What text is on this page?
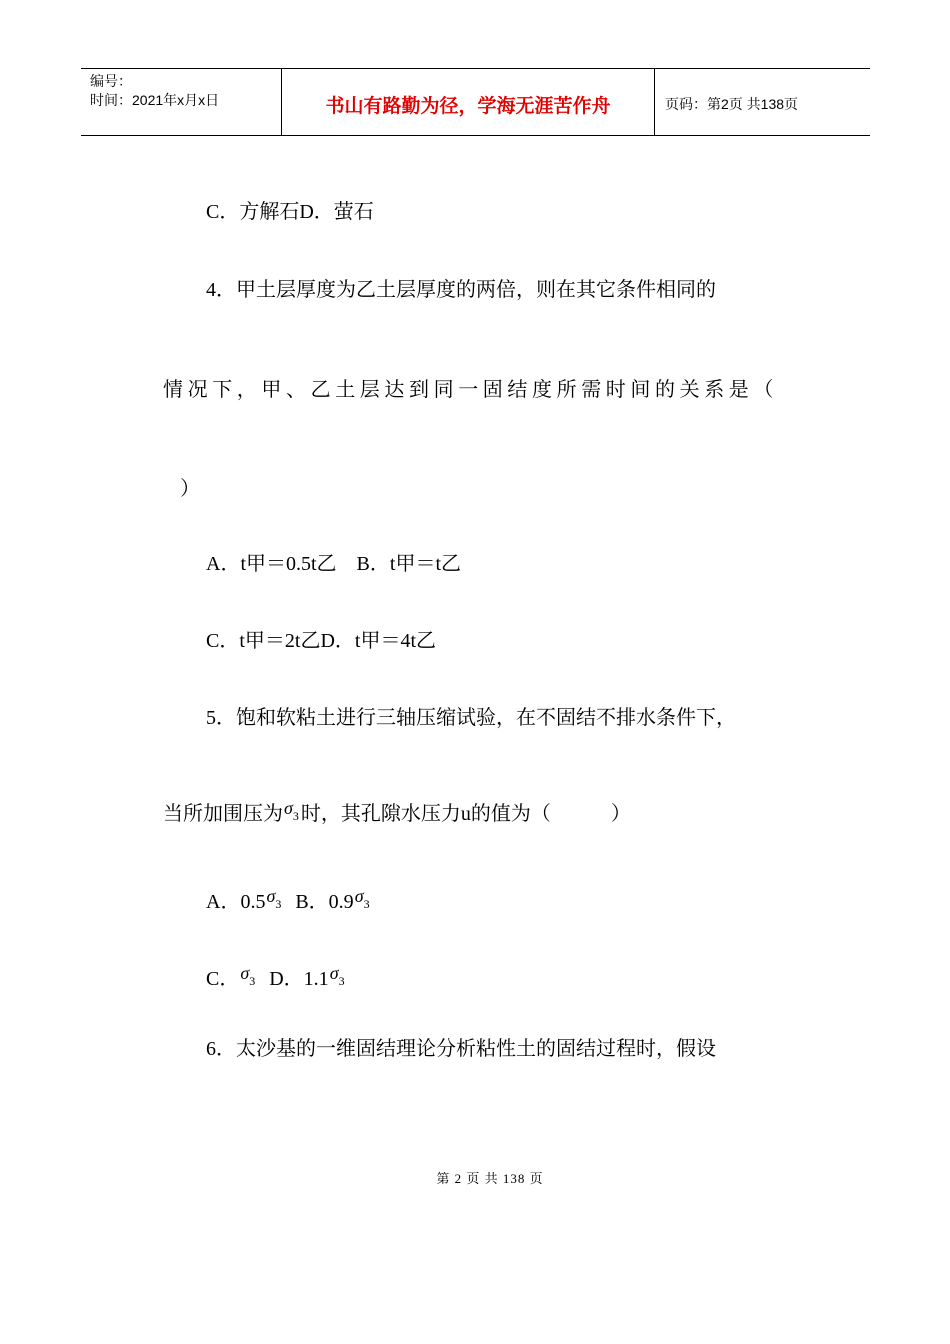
编号：
时间：2021年x月x日	书山有路勤为径，学海无涯苦作舟	页码：第2页 共138页
C．方解石D．萤石
4．甲土层厚度为乙土层厚度的两倍，则在其它条件相同的
情况下，甲、乙土层达到同一固结度所需时间的关系是（
）
A．t甲＝0.5t乙　B．t甲＝t乙
C．t甲＝2t乙D．t甲＝4t乙
5．饱和软粘土进行三轴压缩试验，在不固结不排水条件下，
当所加围压为σ3 时，其孔隙水压力u的值为（　　　）
A．0.5σ3 B．0.9σ3
C．σ3 D．1.1σ3
6．太沙基的一维固结理论分析粘性土的固结过程时，假设
第 2 页 共 138 页
